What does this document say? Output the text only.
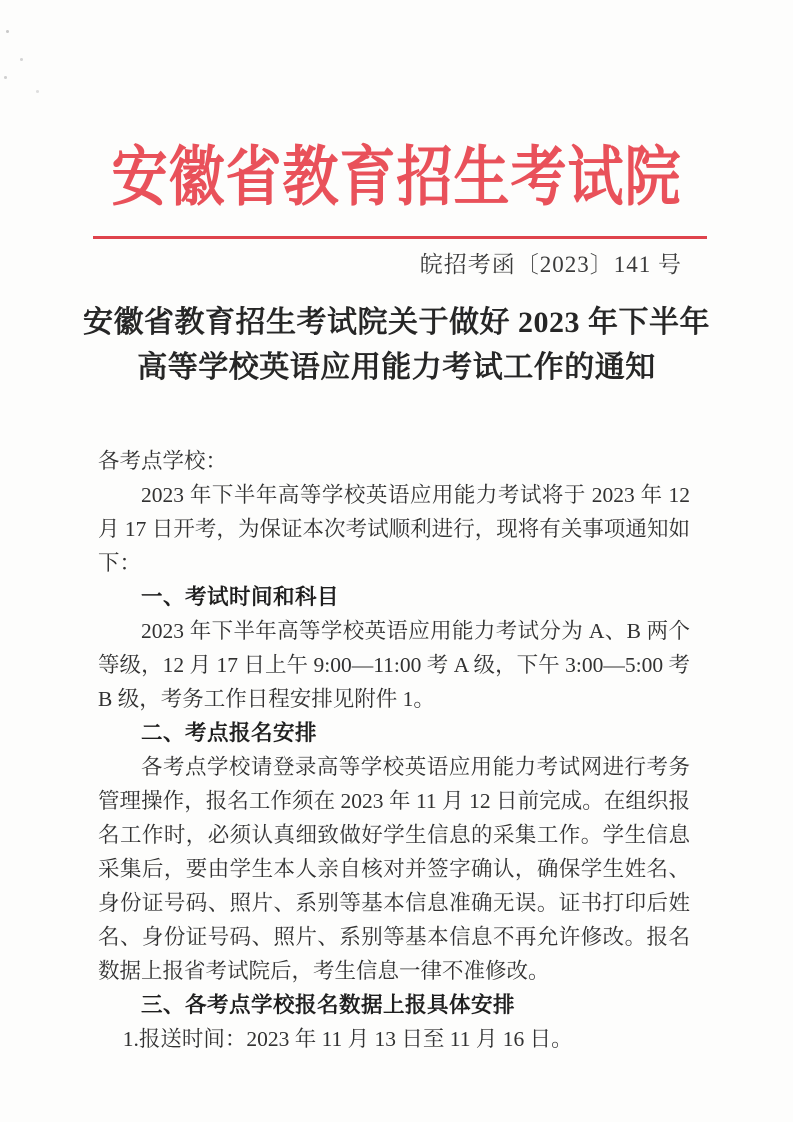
安徽省教育招生考试院
皖招考函〔2023〕141 号
安徽省教育招生考试院关于做好 2023 年下半年
高等学校英语应用能力考试工作的通知

各考点学校：

2023 年下半年高等学校英语应用能力考试将于 2023 年 12 月 17 日开考，为保证本次考试顺利进行，现将有关事项通知如下：

一、考试时间和科目

2023 年下半年高等学校英语应用能力考试分为 A、B 两个等级，12 月 17 日上午 9:00—11:00 考 A 级，下午 3:00—5:00 考 B 级，考务工作日程安排见附件 1。

二、考点报名安排

各考点学校请登录高等学校英语应用能力考试网进行考务管理操作，报名工作须在 2023 年 11 月 12 日前完成。在组织报名工作时，必须认真细致做好学生信息的采集工作。学生信息采集后，要由学生本人亲自核对并签字确认，确保学生姓名、身份证号码、照片、系别等基本信息准确无误。证书打印后姓名、身份证号码、照片、系别等基本信息不再允许修改。报名数据上报省考试院后，考生信息一律不准修改。

三、各考点学校报名数据上报具体安排

1.报送时间：2023 年 11 月 13 日至 11 月 16 日。
